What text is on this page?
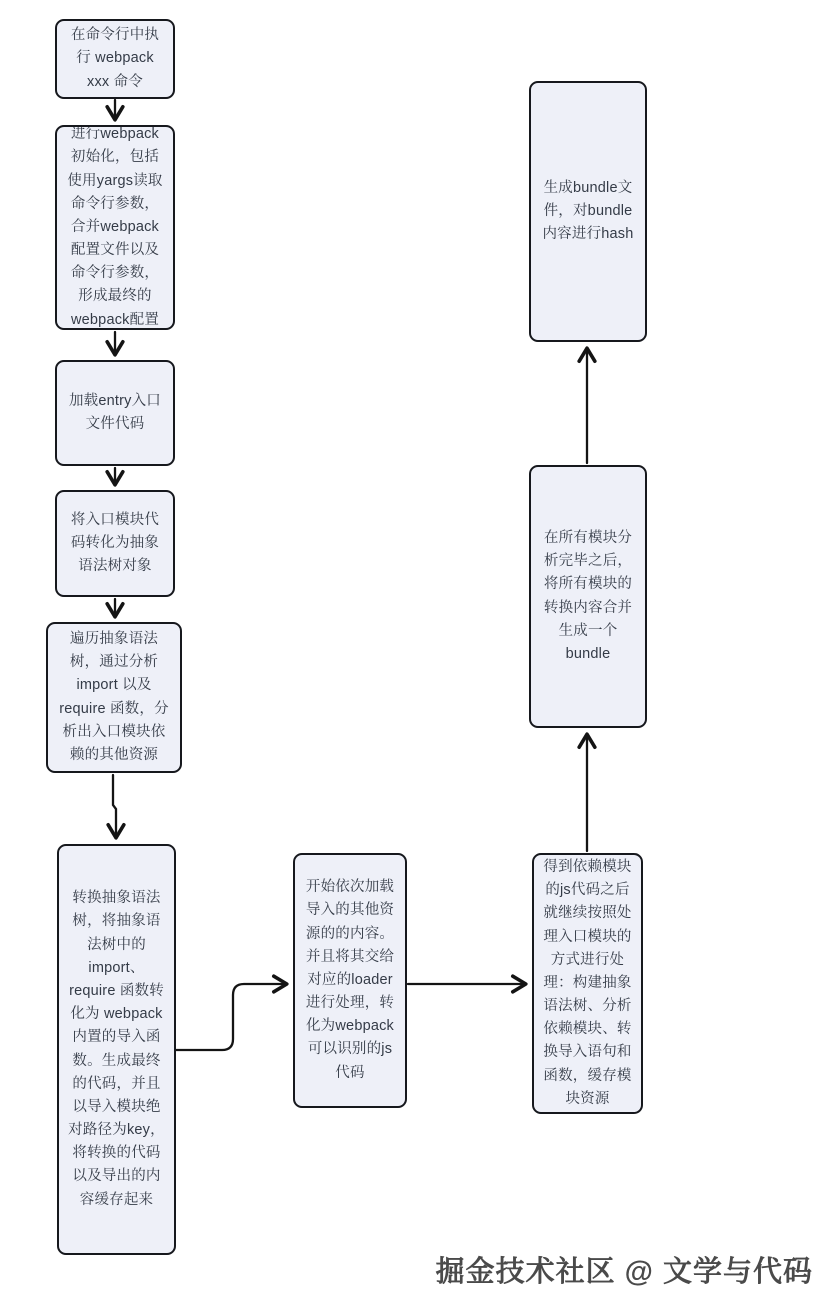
在命令行中执行 webpack xxx 命令
进行webpack初始化，包括使用yargs读取命令行参数，合并webpack配置文件以及命令行参数，形成最终的webpack配置
加载entry入口文件代码
将入口模块代码转化为抽象语法树对象
遍历抽象语法树，通过分析 import 以及 require 函数，分析出入口模块依赖的其他资源
转换抽象语法树，将抽象语法树中的 import、require 函数转化为 webpack 内置的导入函数。生成最终的代码，并且以导入模块绝对路径为key，将转换的代码以及导出的内容缓存起来
开始依次加载导入的其他资源的的内容。并且将其交给对应的loader进行处理，转化为webpack可以识别的js代码
得到依赖模块的js代码之后就继续按照处理入口模块的方式进行处理：构建抽象语法树、分析依赖模块、转换导入语句和函数，缓存模块资源
在所有模块分析完毕之后，将所有模块的转换内容合并生成一个 bundle
生成bundle文件，对bundle内容进行hash
掘金技术社区 @ 文学与代码
